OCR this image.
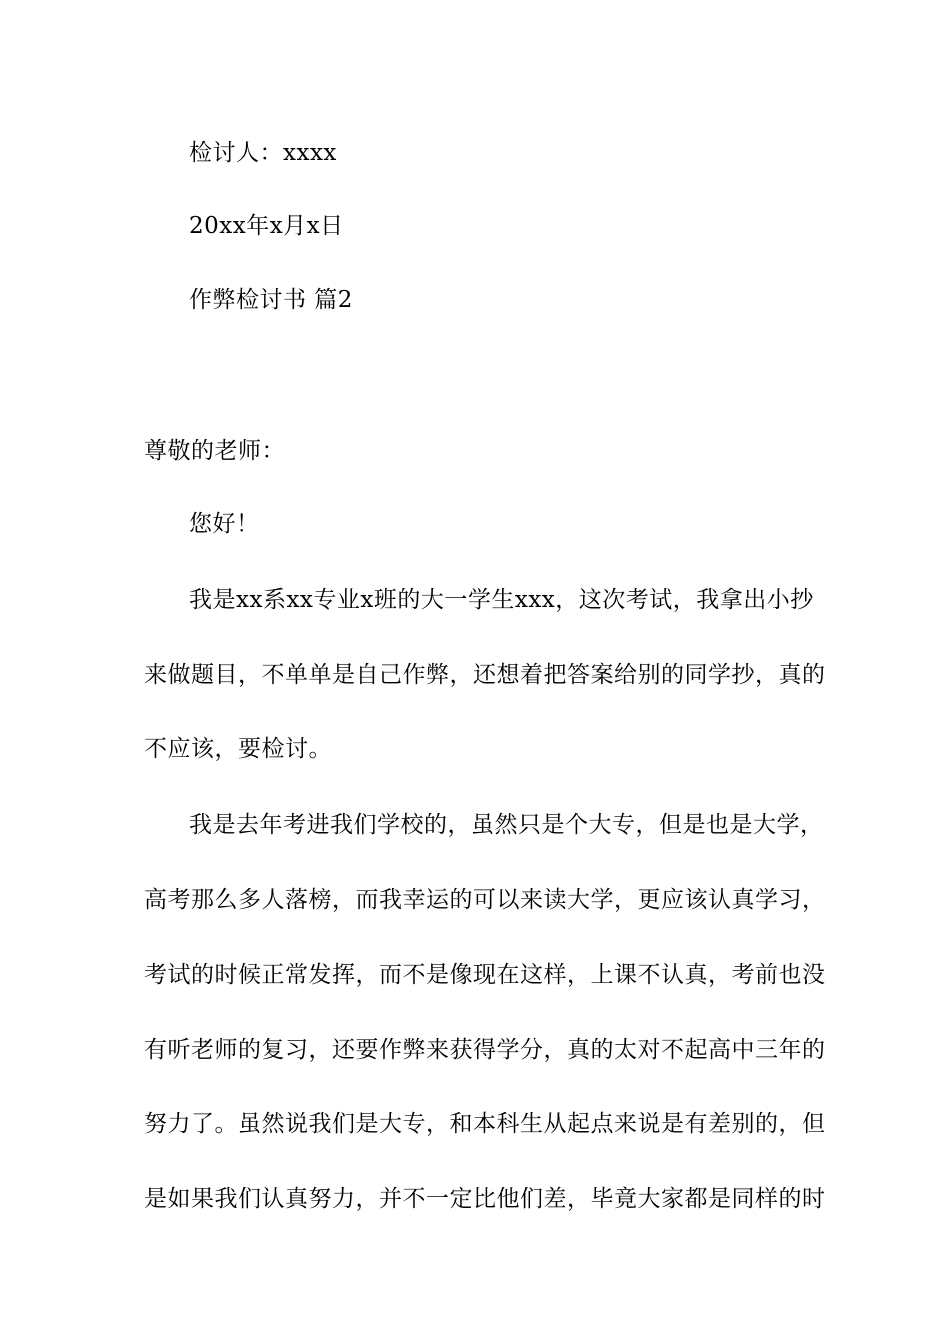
检讨人：xxxx
20xx年x月x日
作弊检讨书 篇2
尊敬的老师：
您好！
我是xx系xx专业x班的大一学生xxx，这次考试，我拿出小抄
来做题目，不单单是自己作弊，还想着把答案给别的同学抄，真的
不应该，要检讨。
我是去年考进我们学校的，虽然只是个大专，但是也是大学，
高考那么多人落榜，而我幸运的可以来读大学，更应该认真学习，
考试的时候正常发挥，而不是像现在这样，上课不认真，考前也没
有听老师的复习，还要作弊来获得学分，真的太对不起高中三年的
努力了。虽然说我们是大专，和本科生从起点来说是有差别的，但
是如果我们认真努力，并不一定比他们差，毕竟大家都是同样的时
